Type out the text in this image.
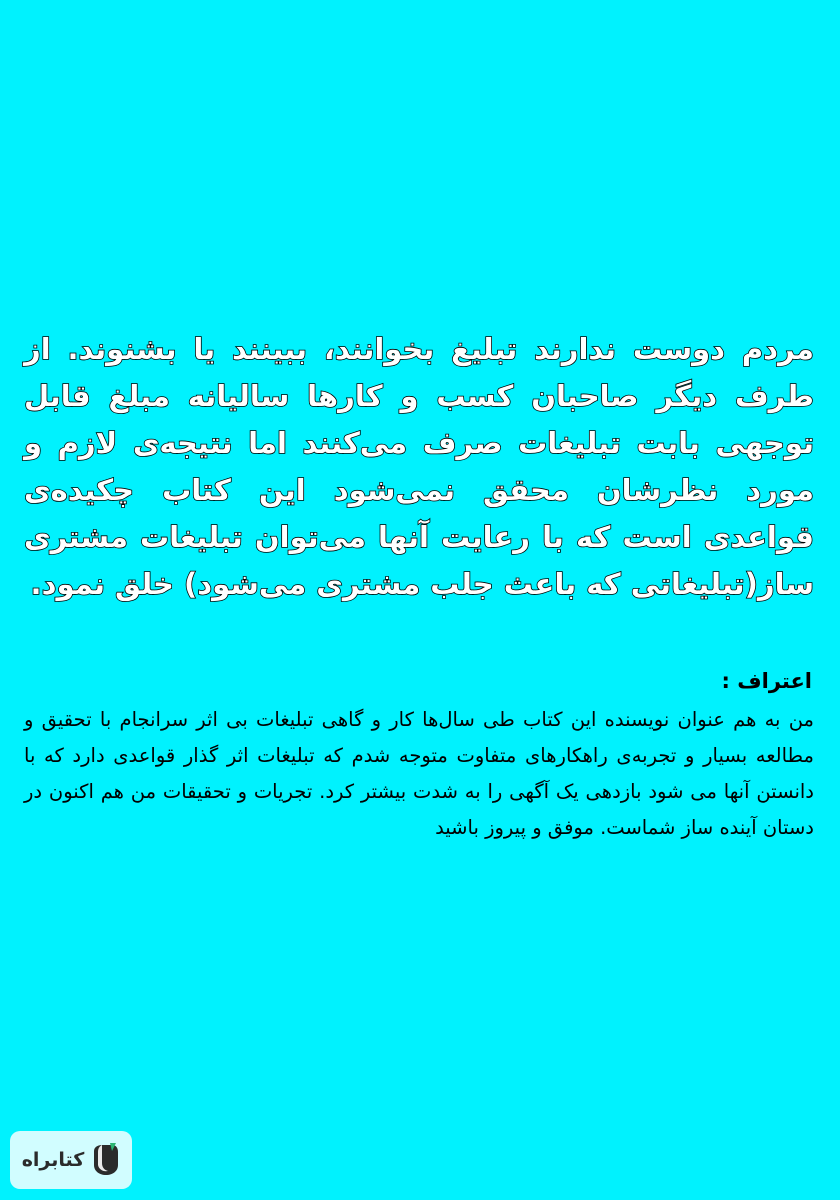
مردم دوست ندارند تبلیغ بخوانند، ببینند یا بشنوند. از طرف دیگر صاحبان کسب و کارها سالیانه مبلغ قابل توجهی بابت تبلیغات صرف می‌کنند اما نتیجه‌ی لازم و مورد نظرشان محقق نمی‌شود این کتاب چکیده‌ی قواعدی است که با رعایت آنها می‌توان تبلیغات مشتری ساز(تبلیغاتی که باعث جلب مشتری می‌شود) خلق نمود.

اعتراف :

من به هم عنوان نویسنده این کتاب طی سال‌ها کار و گاهی تبلیغات بی اثر سرانجام با تحقیق و مطالعه بسیار و تجربه‌ی راهکارهای متفاوت متوجه شدم که تبلیغات اثر گذار قواعدی دارد که با دانستن آنها می شود بازدهی یک آگهی را به شدت بیشتر کرد. تجریات و تحقیقات من هم اکنون در دستان آینده ساز شماست. موفق و پیروز باشید

کتابراه
